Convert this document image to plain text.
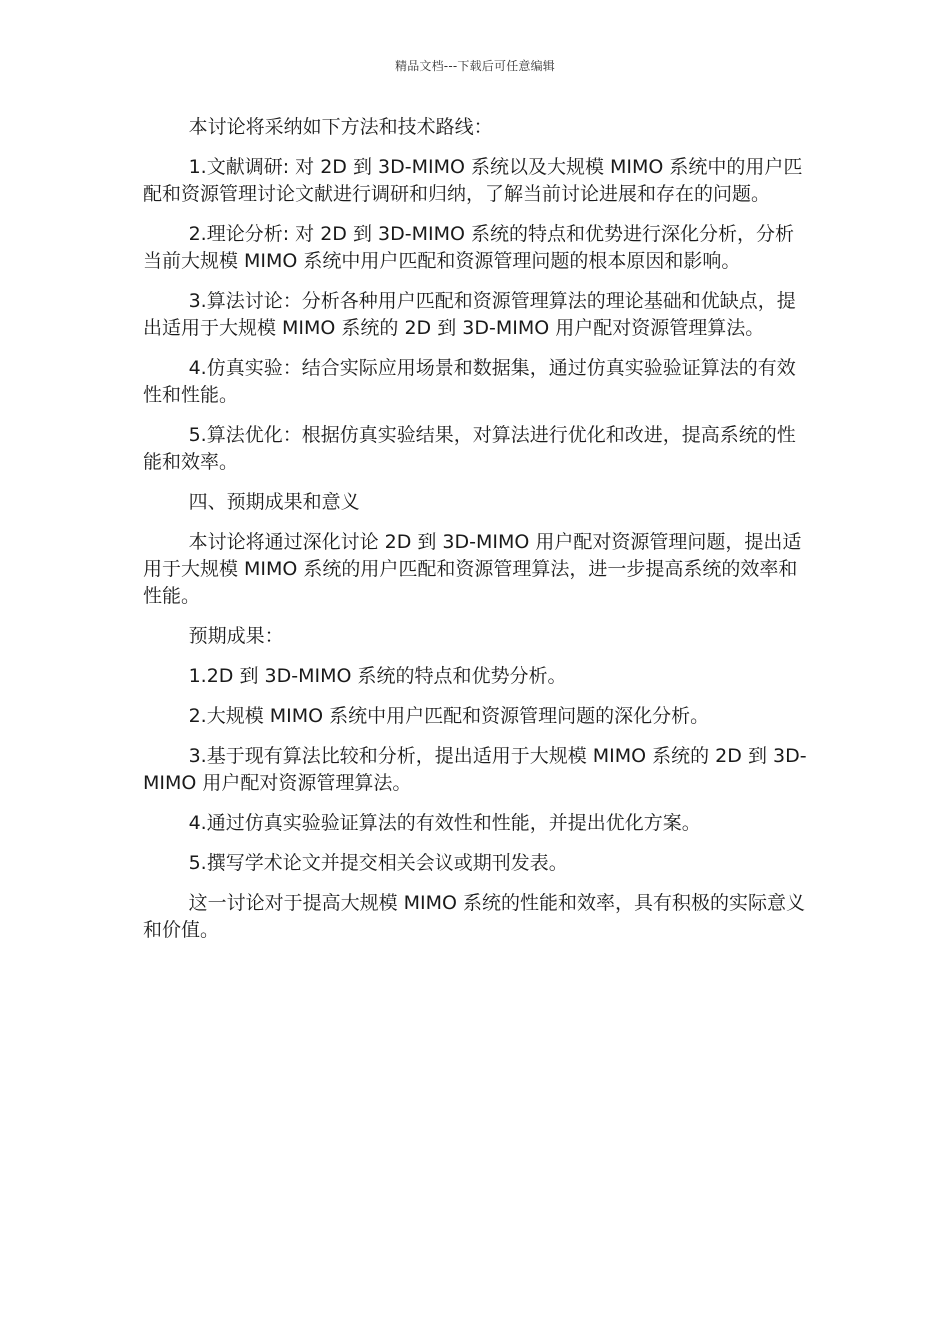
精品文档---下载后可任意编辑

本讨论将采纳如下方法和技术路线：

1.文献调研: 对 2D 到 3D-MIMO 系统以及大规模 MIMO 系统中的用户匹配和资源管理讨论文献进行调研和归纳，了解当前讨论进展和存在的问题。

2.理论分析: 对 2D 到 3D-MIMO 系统的特点和优势进行深化分析，分析当前大规模 MIMO 系统中用户匹配和资源管理问题的根本原因和影响。

3.算法讨论：分析各种用户匹配和资源管理算法的理论基础和优缺点，提出适用于大规模 MIMO 系统的 2D 到 3D-MIMO 用户配对资源管理算法。

4.仿真实验：结合实际应用场景和数据集，通过仿真实验验证算法的有效性和性能。

5.算法优化：根据仿真实验结果，对算法进行优化和改进，提高系统的性能和效率。

四、预期成果和意义

本讨论将通过深化讨论 2D 到 3D-MIMO 用户配对资源管理问题，提出适用于大规模 MIMO 系统的用户匹配和资源管理算法，进一步提高系统的效率和性能。

预期成果：

1.2D 到 3D-MIMO 系统的特点和优势分析。

2.大规模 MIMO 系统中用户匹配和资源管理问题的深化分析。

3.基于现有算法比较和分析，提出适用于大规模 MIMO 系统的 2D 到 3D-MIMO 用户配对资源管理算法。

4.通过仿真实验验证算法的有效性和性能，并提出优化方案。

5.撰写学术论文并提交相关会议或期刊发表。

这一讨论对于提高大规模 MIMO 系统的性能和效率，具有积极的实际意义和价值。
